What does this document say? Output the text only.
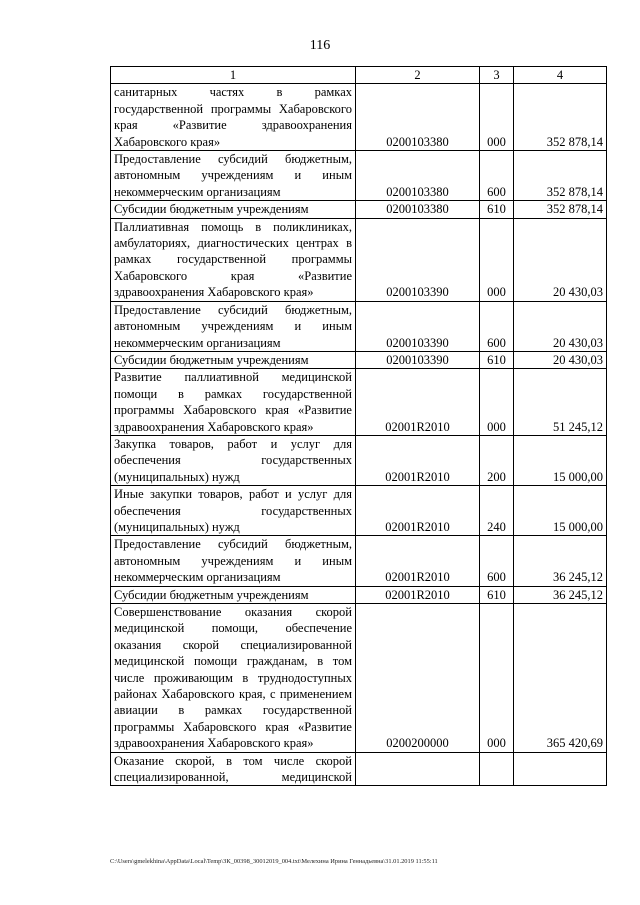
116
1	2	3	4
санитарных частях в рамках государственной программы Хабаровского края «Развитие здравоохранения Хабаровского края»	0200103380	000	352 878,14
Предоставление субсидий бюджетным, автономным учреждениям и иным некоммерческим организациям	0200103380	600	352 878,14
Субсидии бюджетным учреждениям	0200103380	610	352 878,14
Паллиативная помощь в поликлиниках, амбулаториях, диагностических центрах в рамках государственной программы Хабаровского края «Развитие здравоохранения Хабаровского края»	0200103390	000	20 430,03
Предоставление субсидий бюджетным, автономным учреждениям и иным некоммерческим организациям	0200103390	600	20 430,03
Субсидии бюджетным учреждениям	0200103390	610	20 430,03
Развитие паллиативной медицинской помощи в рамках государственной программы Хабаровского края «Развитие здравоохранения Хабаровского края»	02001R2010	000	51 245,12
Закупка товаров, работ и услуг для обеспечения государственных (муниципальных) нужд	02001R2010	200	15 000,00
Иные закупки товаров, работ и услуг для обеспечения государственных (муниципальных) нужд	02001R2010	240	15 000,00
Предоставление субсидий бюджетным, автономным учреждениям и иным некоммерческим организациям	02001R2010	600	36 245,12
Субсидии бюджетным учреждениям	02001R2010	610	36 245,12
Совершенствование оказания скорой медицинской помощи, обеспечение оказания скорой специализированной медицинской помощи гражданам, в том числе проживающим в труднодоступных районах Хабаровского края, с применением авиации в рамках государственной программы Хабаровского края «Развитие здравоохранения Хабаровского края»	0200200000	000	365 420,69
Оказание скорой, в том числе скорой специализированной, медицинской			
C:\Users\gmelekhina\AppData\Local\Temp\ЗК_00398_30012019_004.txt\Мелехина Ирина Геннадьевна\31.01.2019 11:55:11
